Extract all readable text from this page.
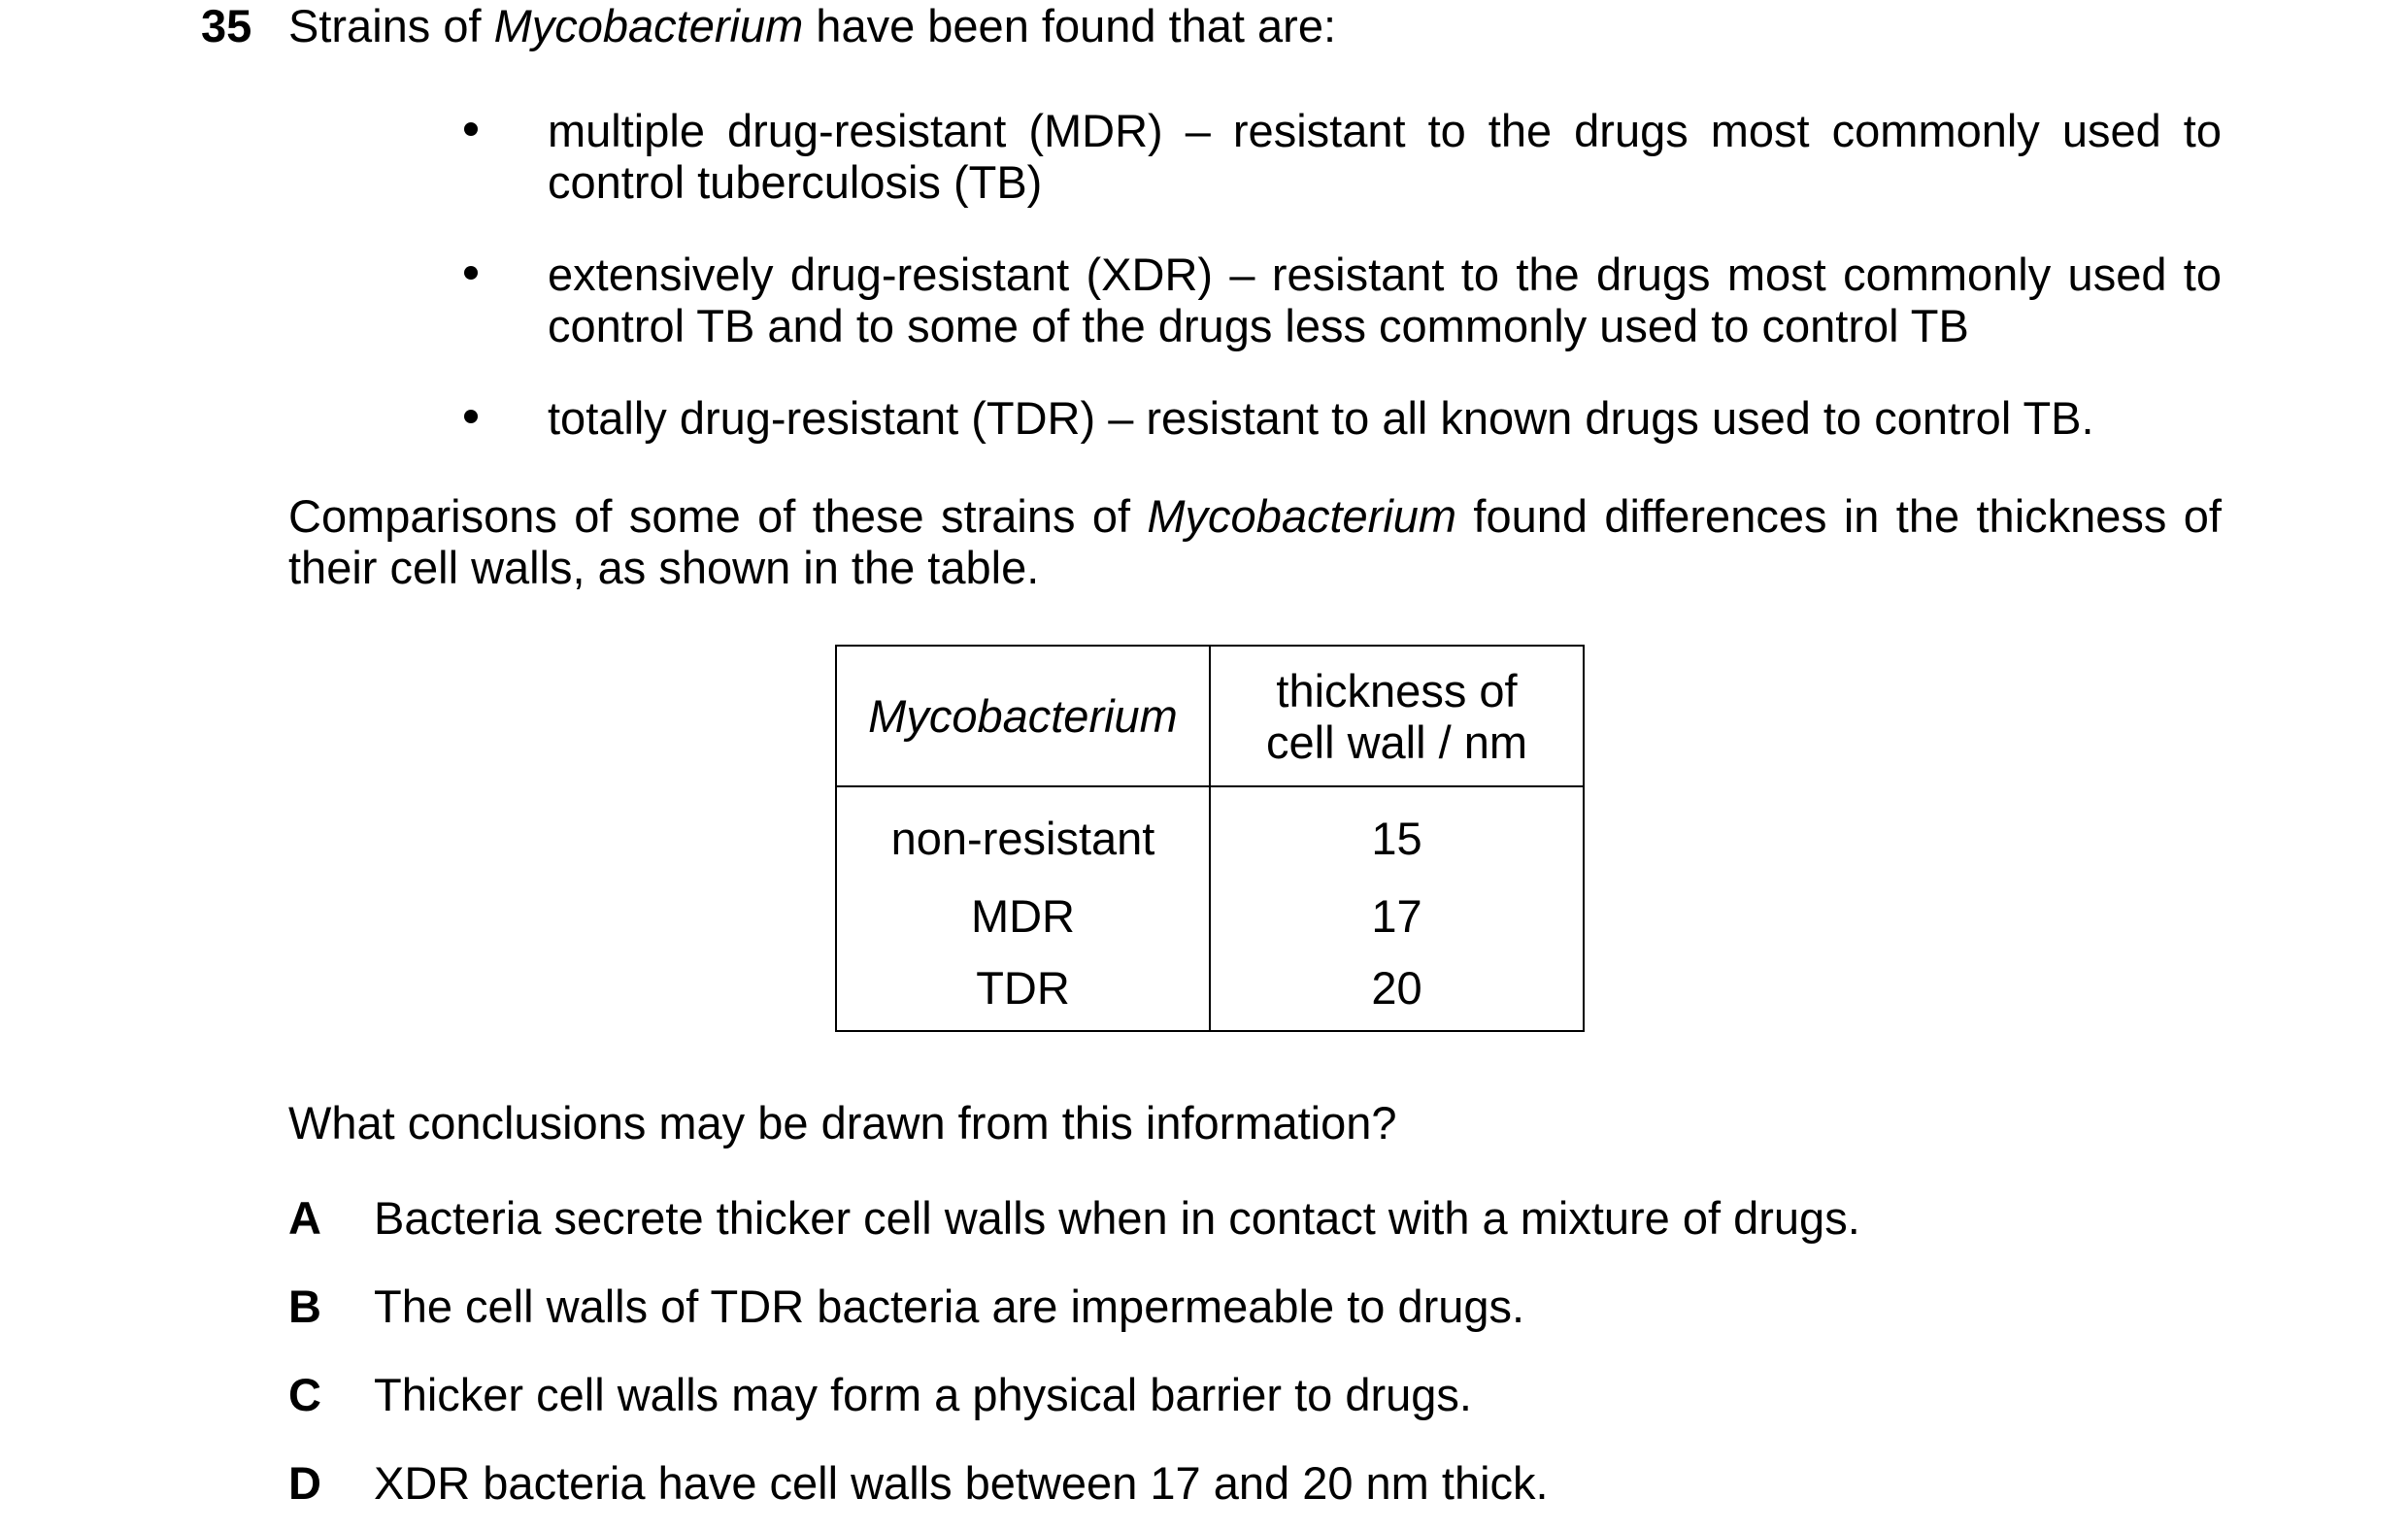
35 Strains of Mycobacterium have been found that are:
multiple drug-resistant (MDR) – resistant to the drugs most commonly used to control tuberculosis (TB)
extensively drug-resistant (XDR) – resistant to the drugs most commonly used to control TB and to some of the drugs less commonly used to control TB
totally drug-resistant (TDR) – resistant to all known drugs used to control TB.
Comparisons of some of these strains of Mycobacterium found differences in the thickness of their cell walls, as shown in the table.
Mycobacterium	thickness of cell wall / nm

non-resistant	15
MDR	17
TDR	20
What conclusions may be drawn from this information?
A Bacteria secrete thicker cell walls when in contact with a mixture of drugs.
B The cell walls of TDR bacteria are impermeable to drugs.
C Thicker cell walls may form a physical barrier to drugs.
D XDR bacteria have cell walls between 17 and 20 nm thick.
